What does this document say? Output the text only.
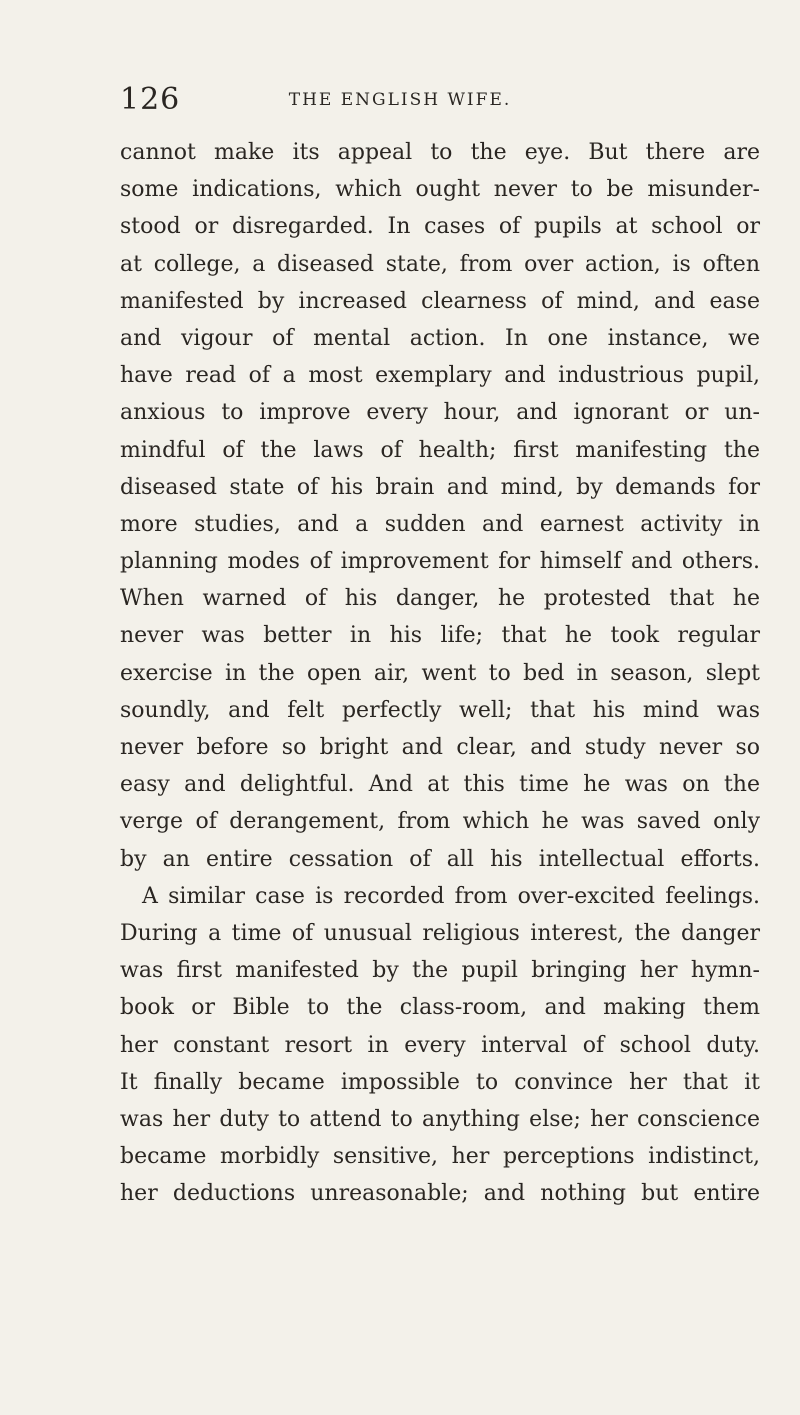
126	THE ENGLISH WIFE.
cannot make its appeal to the eye. But there are
some indications, which ought never to be misunder-
stood or disregarded. In cases of pupils at school or
at college, a diseased state, from over action, is often
manifested by increased clearness of mind, and ease
and vigour of mental action. In one instance, we
have read of a most exemplary and industrious pupil,
anxious to improve every hour, and ignorant or un-
mindful of the laws of health; first manifesting the
diseased state of his brain and mind, by demands for
more studies, and a sudden and earnest activity in
planning modes of improvement for himself and others.
When warned of his danger, he protested that he
never was better in his life; that he took regular
exercise in the open air, went to bed in season, slept
soundly, and felt perfectly well; that his mind was
never before so bright and clear, and study never so
easy and delightful. And at this time he was on the
verge of derangement, from which he was saved only
by an entire cessation of all his intellectual efforts.
A similar case is recorded from over-excited feelings.
During a time of unusual religious interest, the danger
was first manifested by the pupil bringing her hymn-
book or Bible to the class-room, and making them
her constant resort in every interval of school duty.
It finally became impossible to convince her that it
was her duty to attend to anything else; her conscience
became morbidly sensitive, her perceptions indistinct,
her deductions unreasonable; and nothing but entire
